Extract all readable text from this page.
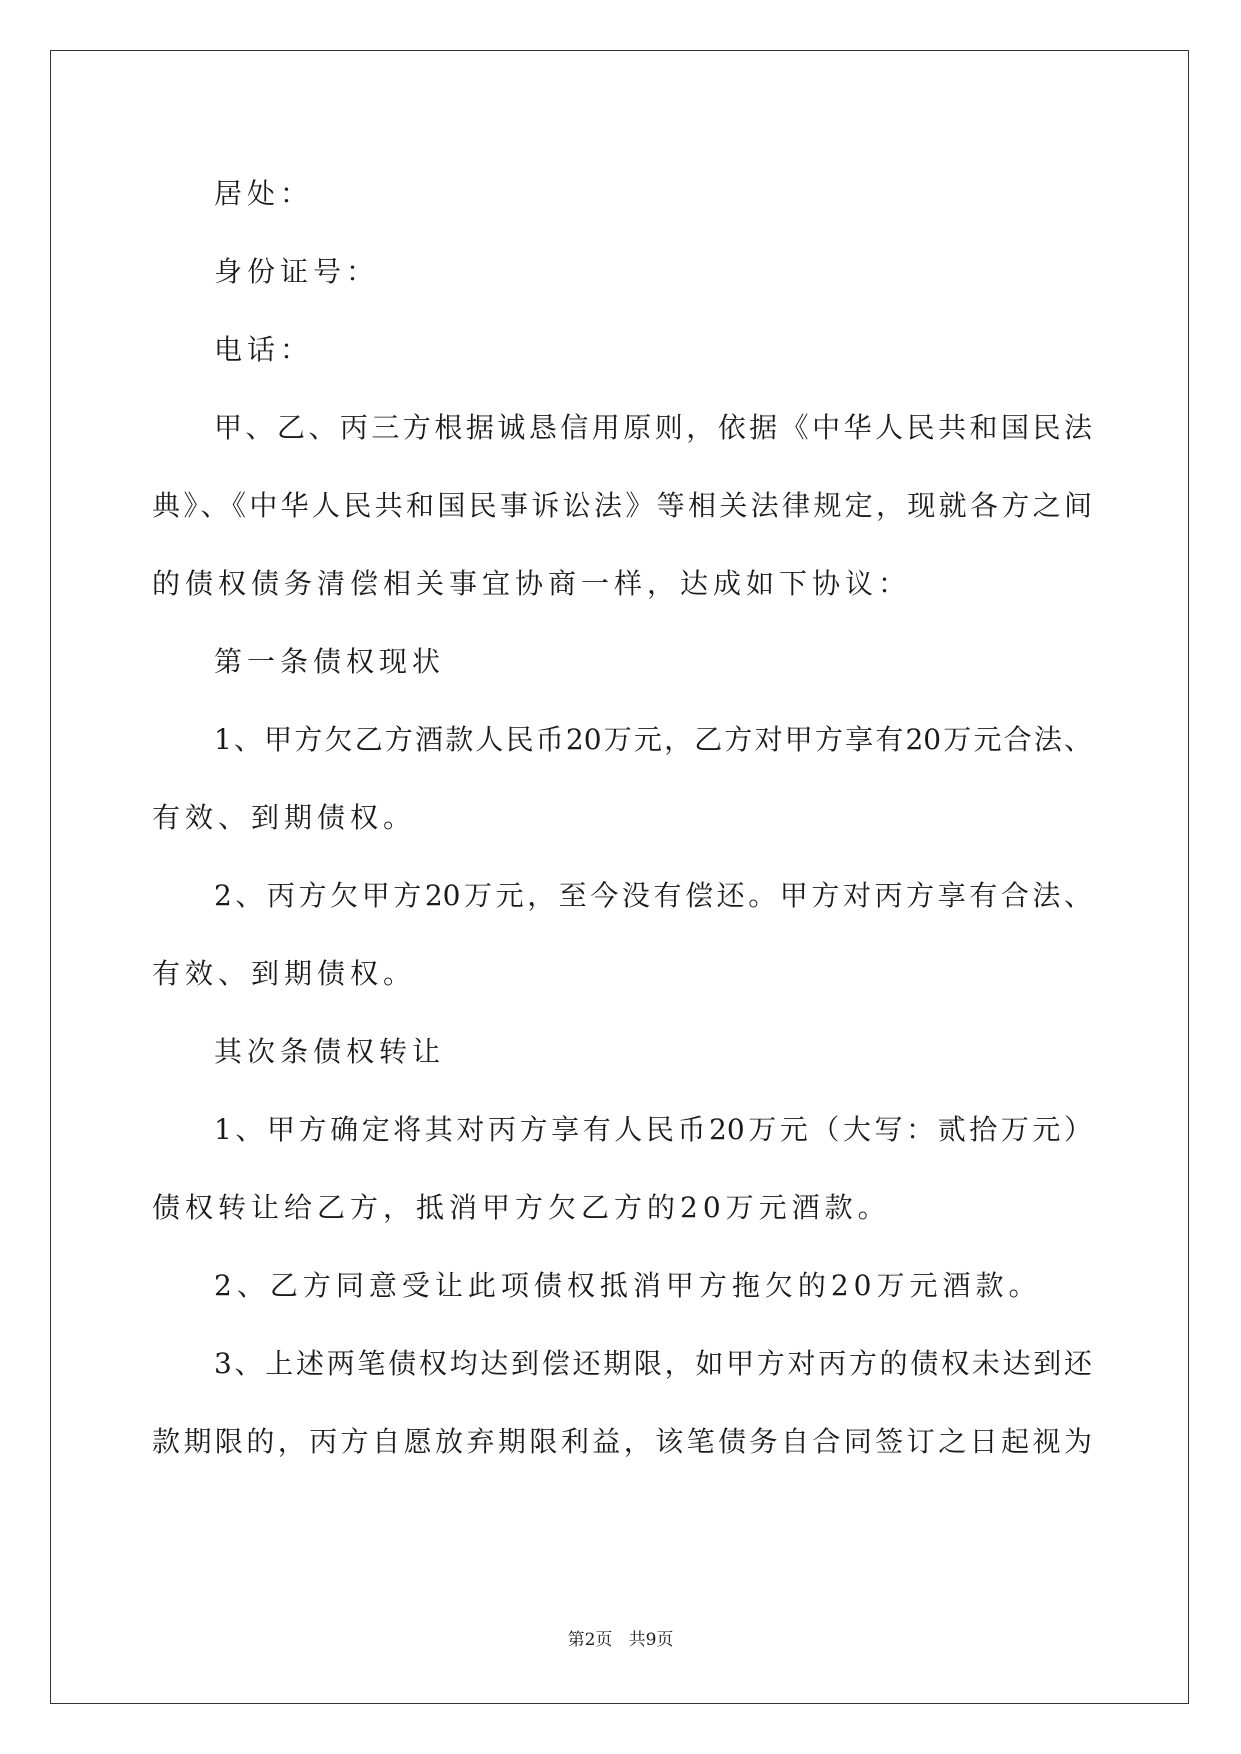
居处：
身份证号：
电话：
甲、乙、丙三方根据诚恳信用原则，依据《中华人民共和国民法
典》、《中华人民共和国民事诉讼法》等相关法律规定，现就各方之间
的债权债务清偿相关事宜协商一样，达成如下协议：
第一条债权现状
1、甲方欠乙方酒款人民币20万元，乙方对甲方享有20万元合法、
有效、到期债权。
2、丙方欠甲方20万元，至今没有偿还。甲方对丙方享有合法、
有效、到期债权。
其次条债权转让
1、甲方确定将其对丙方享有人民币20万元（大写：贰拾万元）
债权转让给乙方，抵消甲方欠乙方的20万元酒款。
2、乙方同意受让此项债权抵消甲方拖欠的20万元酒款。
3、上述两笔债权均达到偿还期限，如甲方对丙方的债权未达到还
款期限的，丙方自愿放弃期限利益，该笔债务自合同签订之日起视为
第2页   共9页
